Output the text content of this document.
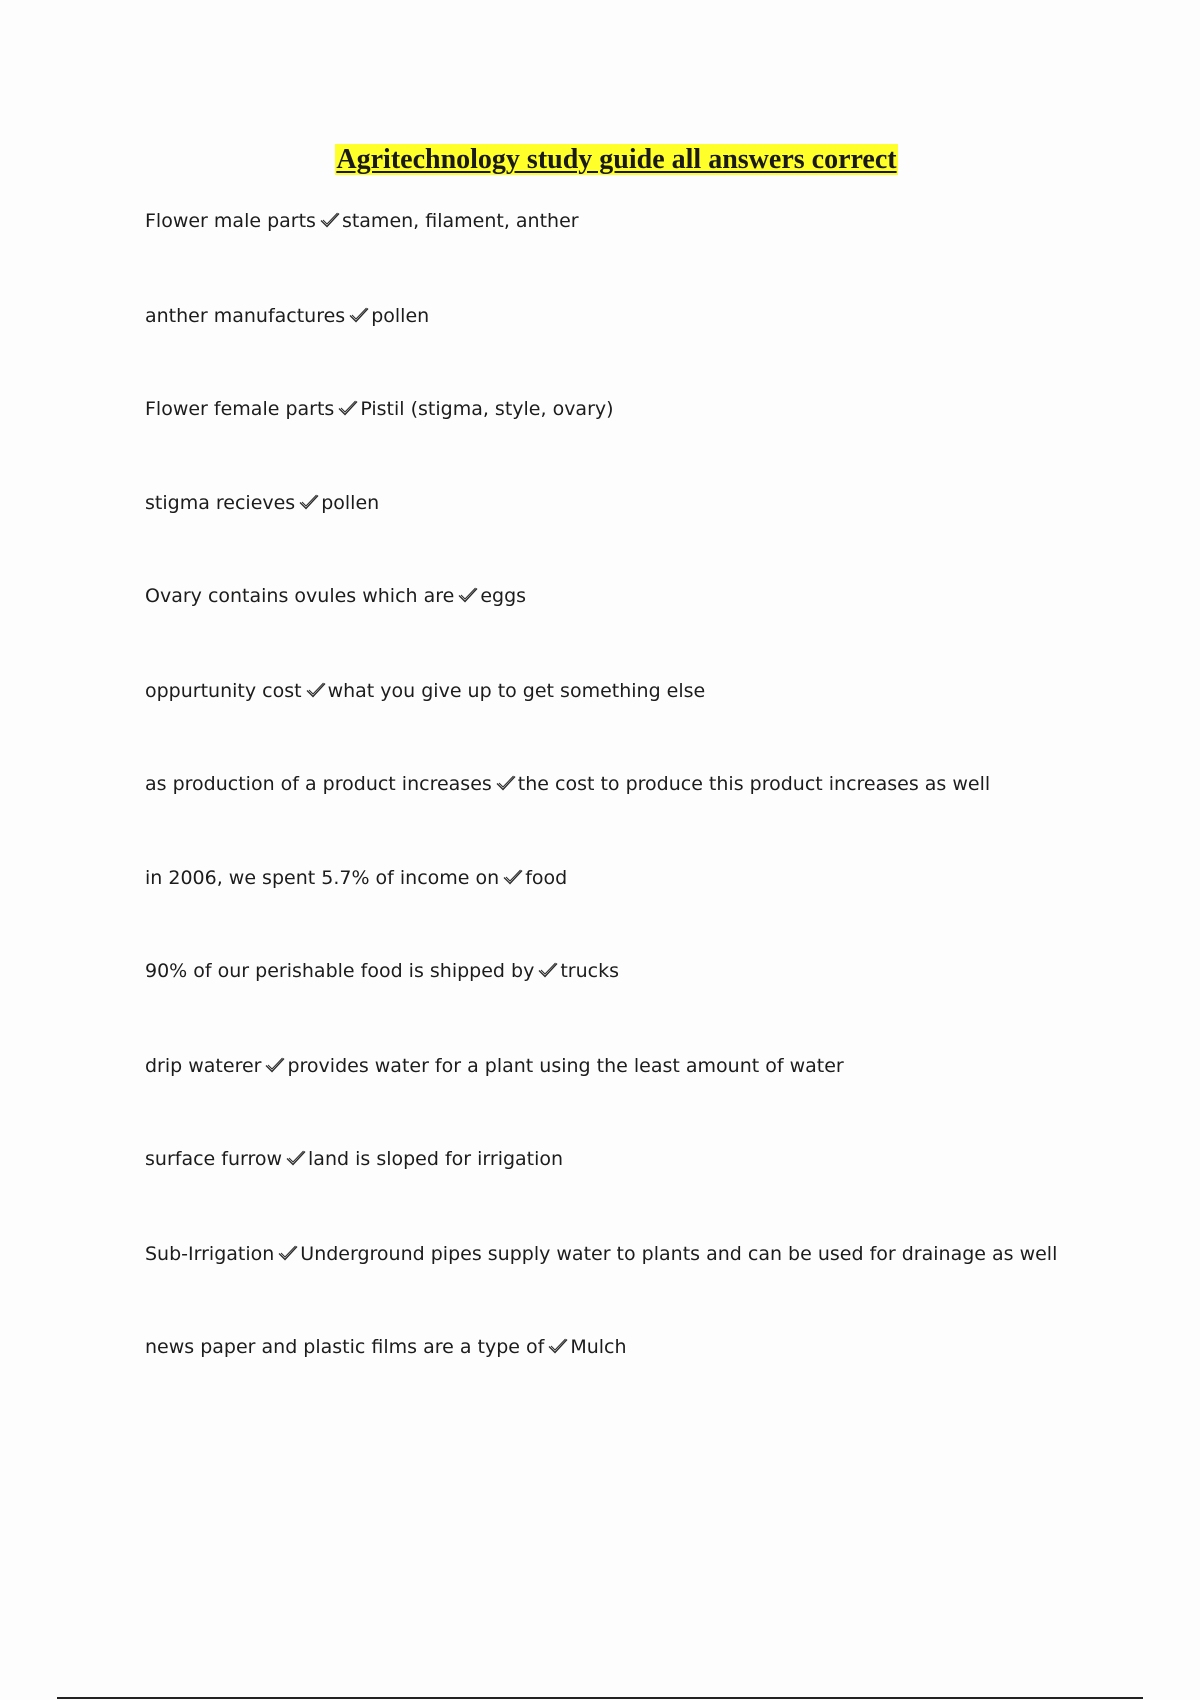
Agritechnology study guide all answers correct
Flower male parts stamen, filament, anther
anther manufactures pollen
Flower female parts Pistil (stigma, style, ovary)
stigma recieves pollen
Ovary contains ovules which are eggs
oppurtunity cost what you give up to get something else
as production of a product increases the cost to produce this product increases as well
in 2006, we spent 5.7% of income on food
90% of our perishable food is shipped by trucks
drip waterer provides water for a plant using the least amount of water
surface furrow land is sloped for irrigation
Sub-Irrigation Underground pipes supply water to plants and can be used for drainage as well
news paper and plastic films are a type of Mulch
